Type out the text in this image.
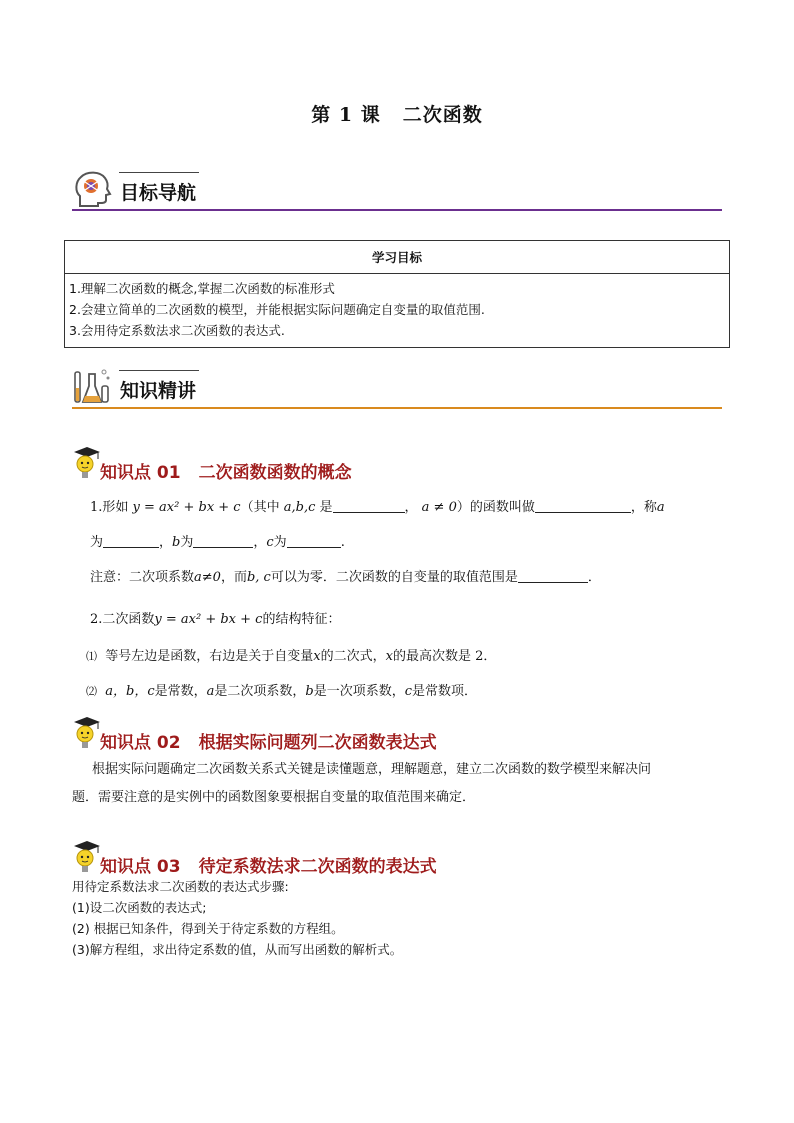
第 1 课 二次函数
目标导航
学习目标

1.理解二次函数的概念,掌握二次函数的标准形式
2.会建立简单的二次函数的模型，并能根据实际问题确定自变量的取值范围.
3.会用待定系数法求二次函数的表达式.
知识精讲
知识点 01 二次函数函数的概念
1.形如 y = ax² + bx + c（其中 a,b,c 是	， a ≠ 0）的函数叫做	，称a
为	，b为	，c为	.
注意：二次项系数a≠0，而b, c可以为零．二次函数的自变量的取值范围是	．
2.二次函数y = ax² + bx + c的结构特征：
⑴ 等号左边是函数，右边是关于自变量x的二次式，x的最高次数是 2．
⑵ a，b，c是常数，a是二次项系数，b是一次项系数，c是常数项．
知识点 02 根据实际问题列二次函数表达式
根据实际问题确定二次函数关系式关键是读懂题意，理解题意，建立二次函数的数学模型来解决问
题．需要注意的是实例中的函数图象要根据自变量的取值范围来确定．
知识点 03 待定系数法求二次函数的表达式
用待定系数法求二次函数的表达式步骤:
(1)设二次函数的表达式;
(2) 根据已知条件，得到关于待定系数的方程组。
(3)解方程组，求出待定系数的值，从而写出函数的解析式。
